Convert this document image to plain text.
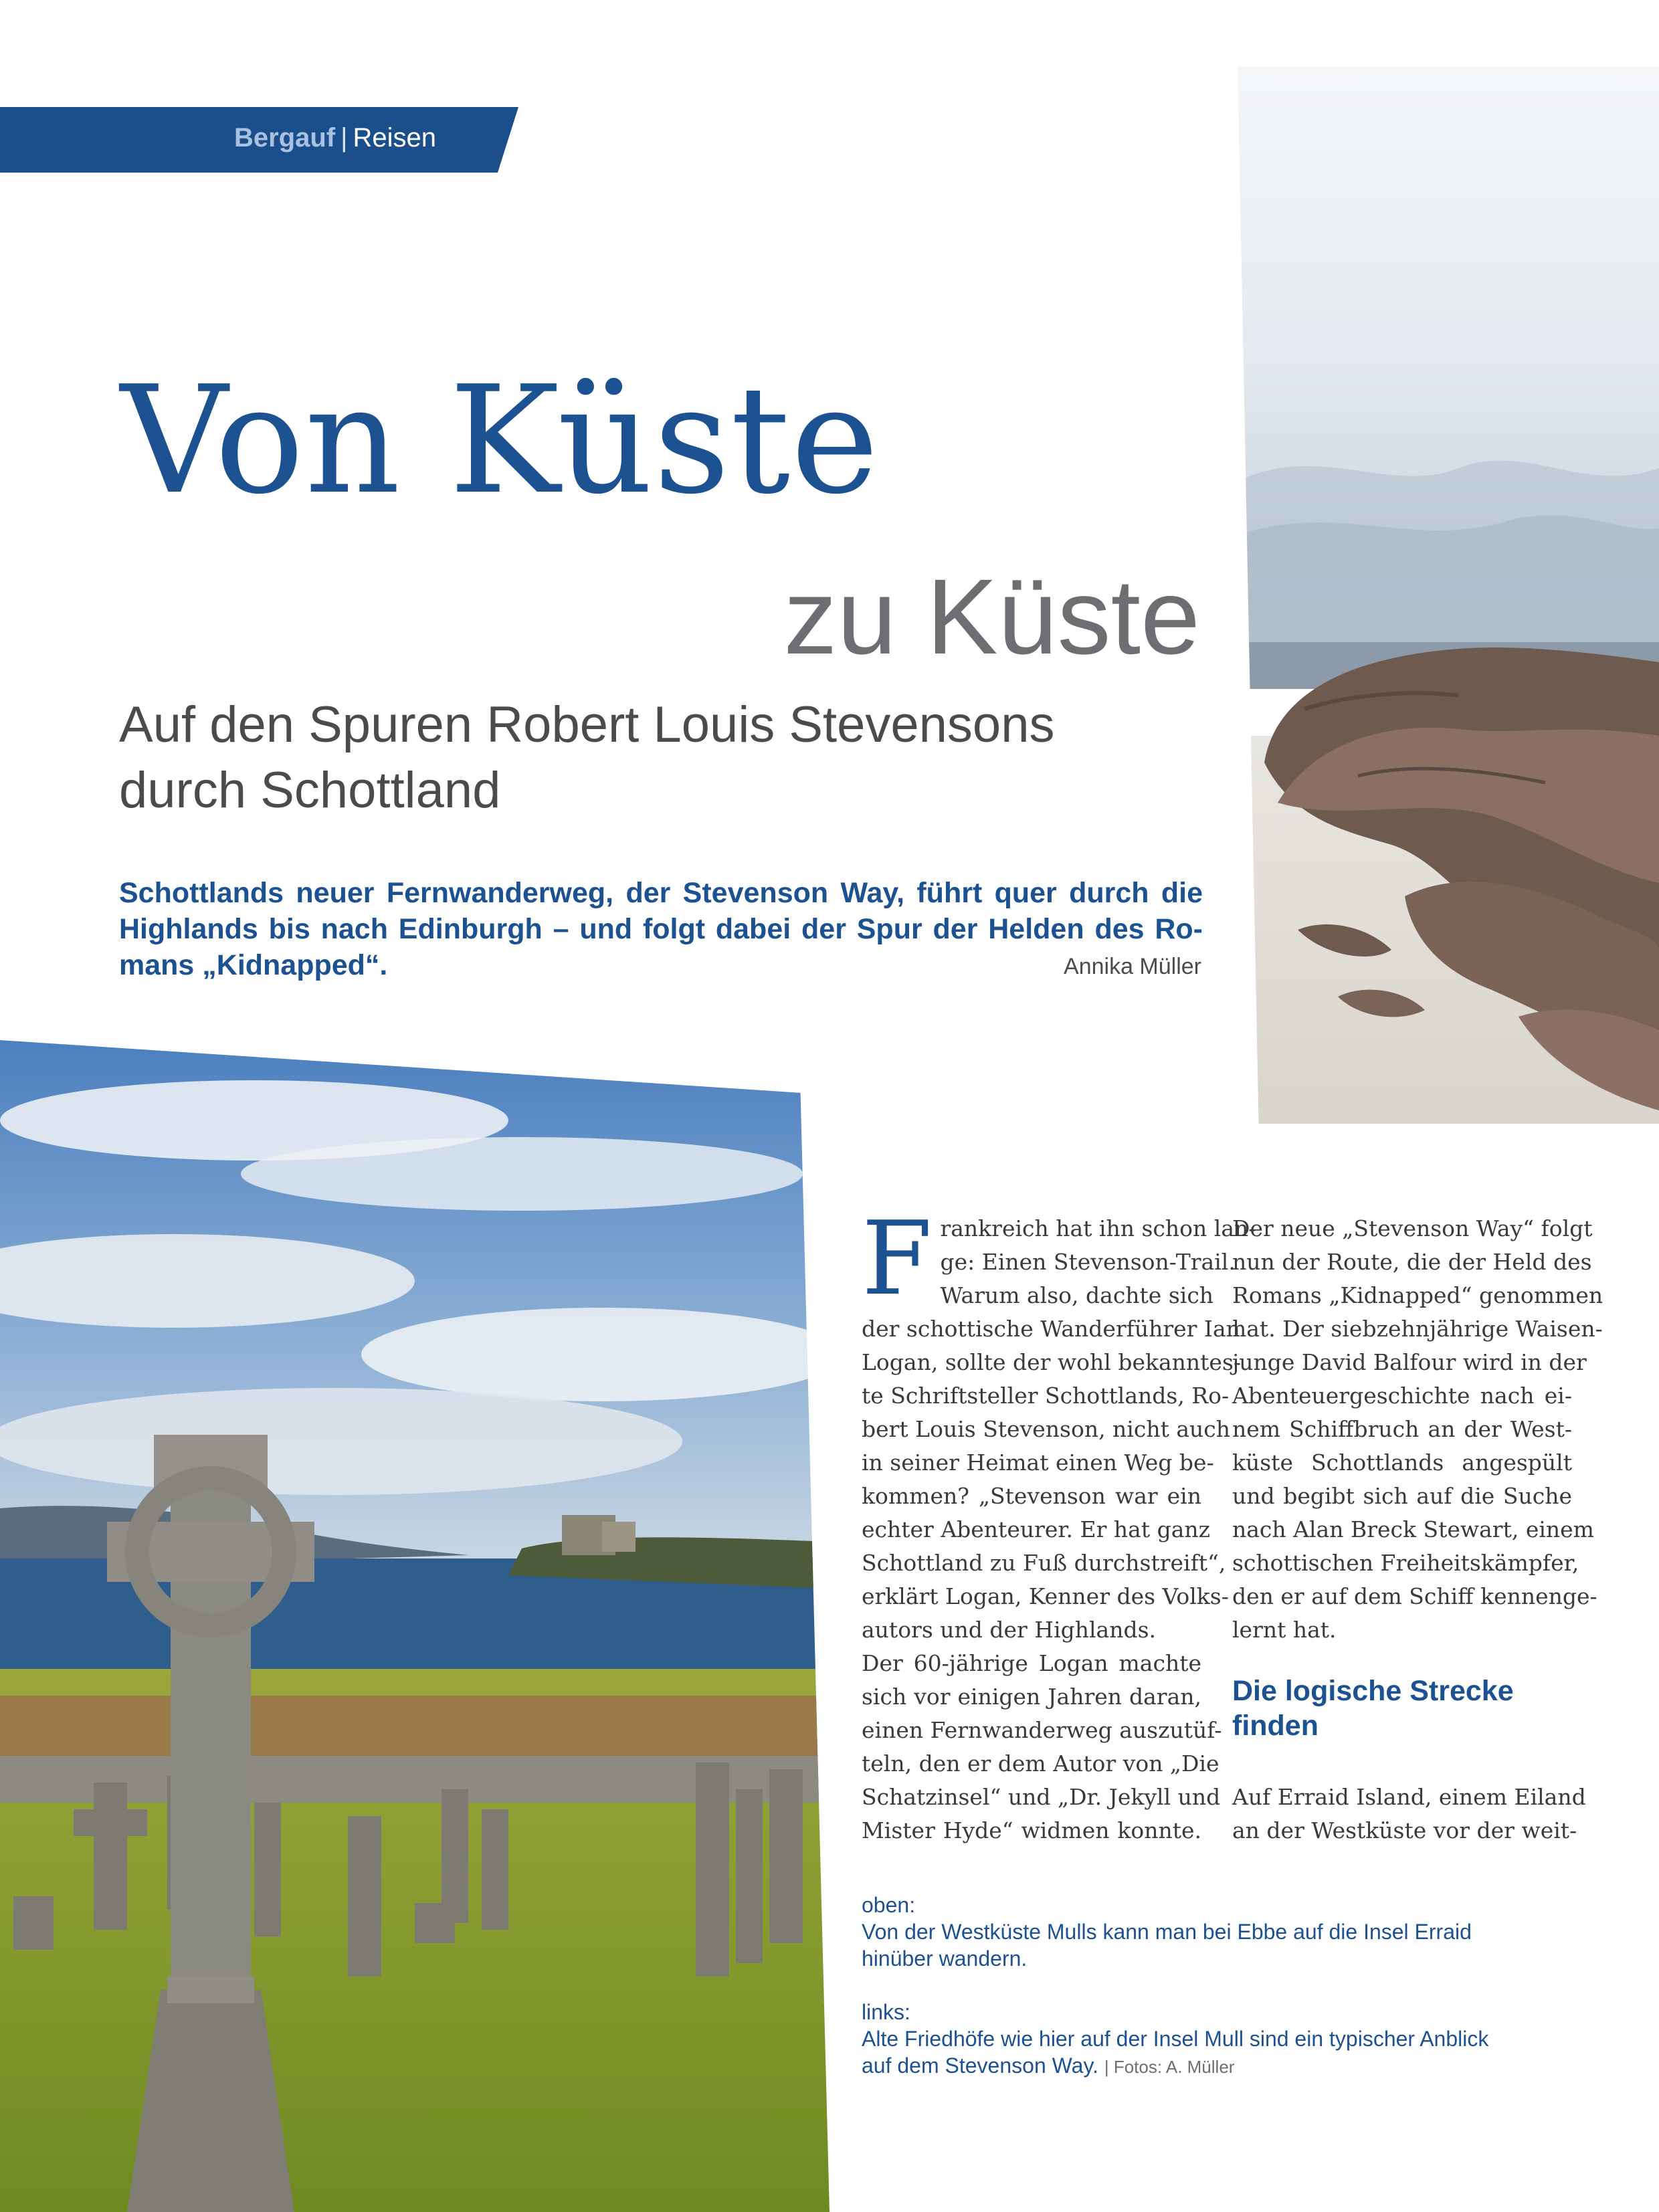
Bergauf | Reisen
Von Küste
zu Küste
Auf den Spuren Robert Louis Stevensons
durch Schottland
Schottlands neuer Fernwanderweg, der Stevenson Way, führt quer durch die
Highlands bis nach Edinburgh – und folgt dabei der Spur der Helden des Ro-
mans „Kidnapped“.	Annika Müller
F rankreich hat ihn schon lan-
ge: Einen Stevenson-Trail.
Warum also, dachte sich
der schottische Wanderführer Ian
Logan, sollte der wohl bekanntes-
te Schriftsteller Schottlands, Ro-
bert Louis Stevenson, nicht auch
in seiner Heimat einen Weg be-
kommen? „Stevenson war ein
echter Abenteurer. Er hat ganz
Schottland zu Fuß durchstreift“,
erklärt Logan, Kenner des Volks-
autors und der Highlands.
Der 60-jährige Logan machte
sich vor einigen Jahren daran,
einen Fernwanderweg auszutüf-
teln, den er dem Autor von „Die
Schatzinsel“ und „Dr. Jekyll und
Mister Hyde“ widmen konnte.
Der neue „Stevenson Way“ folgt
nun der Route, die der Held des
Romans „Kidnapped“ genommen
hat. Der siebzehnjährige Waisen-
junge David Balfour wird in der
Abenteuergeschichte nach ei-
nem Schiffbruch an der West-
küste Schottlands angespült
und begibt sich auf die Suche
nach Alan Breck Stewart, einem
schottischen Freiheitskämpfer,
den er auf dem Schiff kennenge-
lernt hat.
Die logische Strecke
finden
Auf Erraid Island, einem Eiland
an der Westküste vor der weit-
oben:
Von der Westküste Mulls kann man bei Ebbe auf die Insel Erraid
hinüber wandern.
links:
Alte Friedhöfe wie hier auf der Insel Mull sind ein typischer Anblick
auf dem Stevenson Way. | Fotos: A. Müller
